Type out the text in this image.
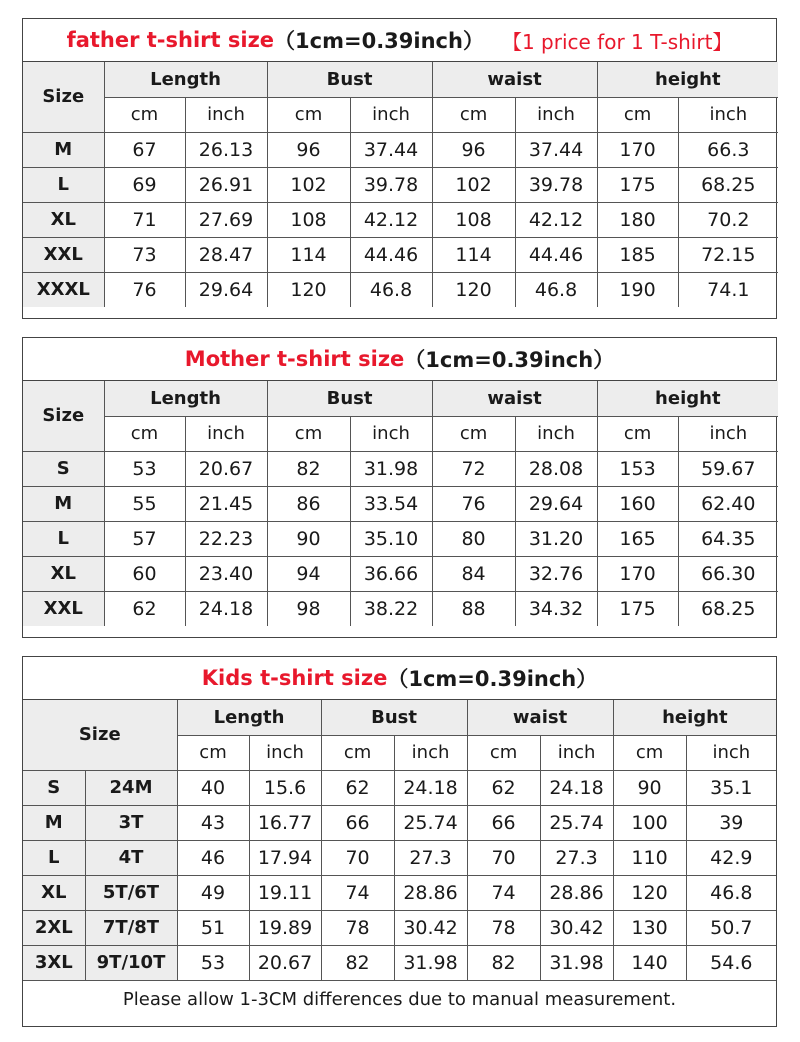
father t-shirt size （1cm=0.39inch） 【1 price for 1 T-shirt】
Size	Length		Bust		waist		height	
	cm	inch	cm	inch	cm	inch	cm	inch
M	67	26.13	96	37.44	96	37.44	170	66.3
L	69	26.91	102	39.78	102	39.78	175	68.25
XL	71	27.69	108	42.12	108	42.12	180	70.2
XXL	73	28.47	114	44.46	114	44.46	185	72.15
XXXL	76	29.64	120	46.8	120	46.8	190	74.1
Mother t-shirt size （1cm=0.39inch）
Size	Length		Bust		waist		height	
	cm	inch	cm	inch	cm	inch	cm	inch
S	53	20.67	82	31.98	72	28.08	153	59.67
M	55	21.45	86	33.54	76	29.64	160	62.40
L	57	22.23	90	35.10	80	31.20	165	64.35
XL	60	23.40	94	36.66	84	32.76	170	66.30
XXL	62	24.18	98	38.22	88	34.32	175	68.25
Kids t-shirt size （1cm=0.39inch）
Size		Length		Bust		waist		height	
		cm	inch	cm	inch	cm	inch	cm	inch
S	24M	40	15.6	62	24.18	62	24.18	90	35.1
M	3T	43	16.77	66	25.74	66	25.74	100	39
L	4T	46	17.94	70	27.3	70	27.3	110	42.9
XL	5T/6T	49	19.11	74	28.86	74	28.86	120	46.8
2XL	7T/8T	51	19.89	78	30.42	78	30.42	130	50.7
3XL	9T/10T	53	20.67	82	31.98	82	31.98	140	54.6
Please allow 1-3CM differences due to manual measurement.
